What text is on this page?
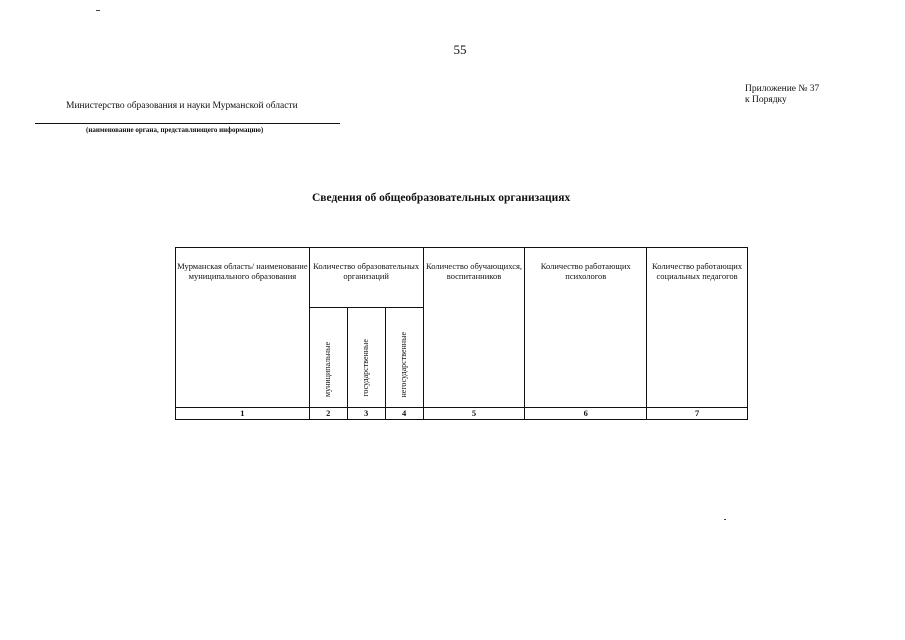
55
Приложение № 37
к Порядку
Министерство образования и науки Мурманской области
(наименование органа, представляющего информацию)
Сведения об общеобразовательных организациях
Мурманская область/ наименование муниципального образования	Количество образовательных организаций			Количество обучающихся, воспитанников	Количество работающих психологов	Количество работающих социальных педагогов
	муниципальные	государственные	негосударственные			
1	2	3	4	5	6	7
